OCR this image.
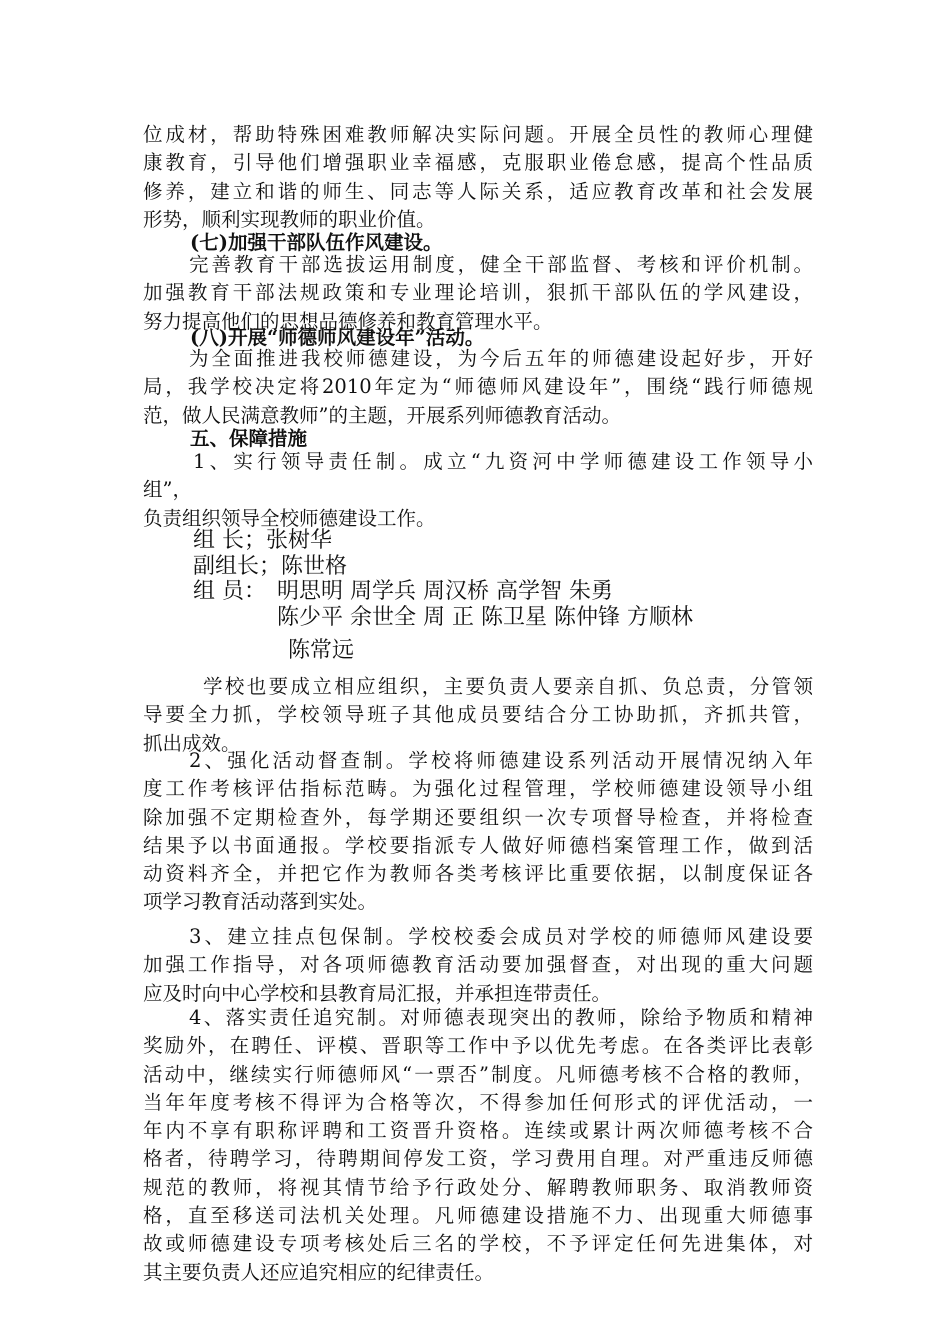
位成材，帮助特殊困难教师解决实际问题。开展全员性的教师心理健
康教育，引导他们增强职业幸福感，克服职业倦怠感，提高个性品质
修养，建立和谐的师生、同志等人际关系，适应教育改革和社会发展
形势，顺利实现教师的职业价值。

(七)加强干部队伍作风建设。

完善教育干部选拔运用制度，健全干部监督、考核和评价机制。
加强教育干部法规政策和专业理论培训，狠抓干部队伍的学风建设，
努力提高他们的思想品德修养和教育管理水平。

(八)开展“师德师风建设年”活动。

为全面推进我校师德建设，为今后五年的师德建设起好步，开好
局，我学校决定将2010年定为“师德师风建设年”，围绕“践行师德规
范，做人民满意教师”的主题，开展系列师德教育活动。

五、保障措施

1、实行领导责任制。成立“九资河中学师德建设工作领导小
组”，
负责组织领导全校师德建设工作。

组 长；张树华

副组长；陈世格

组 员： 明思明 周学兵 周汉桥 高学智 朱勇

陈少平 余世全 周 正 陈卫星 陈仲锋 方顺林

陈常远

学校也要成立相应组织，主要负责人要亲自抓、负总责，分管领
导要全力抓，学校领导班子其他成员要结合分工协助抓，齐抓共管，
抓出成效。
2、强化活动督查制。学校将师德建设系列活动开展情况纳入年
度工作考核评估指标范畴。为强化过程管理，学校师德建设领导小组
除加强不定期检查外，每学期还要组织一次专项督导检查，并将检查
结果予以书面通报。学校要指派专人做好师德档案管理工作，做到活
动资料齐全，并把它作为教师各类考核评比重要依据，以制度保证各
项学习教育活动落到实处。
3、建立挂点包保制。学校校委会成员对学校的师德师风建设要
加强工作指导，对各项师德教育活动要加强督查，对出现的重大问题
应及时向中心学校和县教育局汇报，并承担连带责任。
4、落实责任追究制。对师德表现突出的教师，除给予物质和精神
奖励外，在聘任、评模、晋职等工作中予以优先考虑。在各类评比表彰
活动中，继续实行师德师风“一票否”制度。凡师德考核不合格的教师，
当年年度考核不得评为合格等次，不得参加任何形式的评优活动，一
年内不享有职称评聘和工资晋升资格。连续或累计两次师德考核不合
格者，待聘学习，待聘期间停发工资，学习费用自理。对严重违反师德
规范的教师，将视其情节给予行政处分、解聘教师职务、取消教师资
格，直至移送司法机关处理。凡师德建设措施不力、出现重大师德事
故或师德建设专项考核处后三名的学校，不予评定任何先进集体，对
其主要负责人还应追究相应的纪律责任。
